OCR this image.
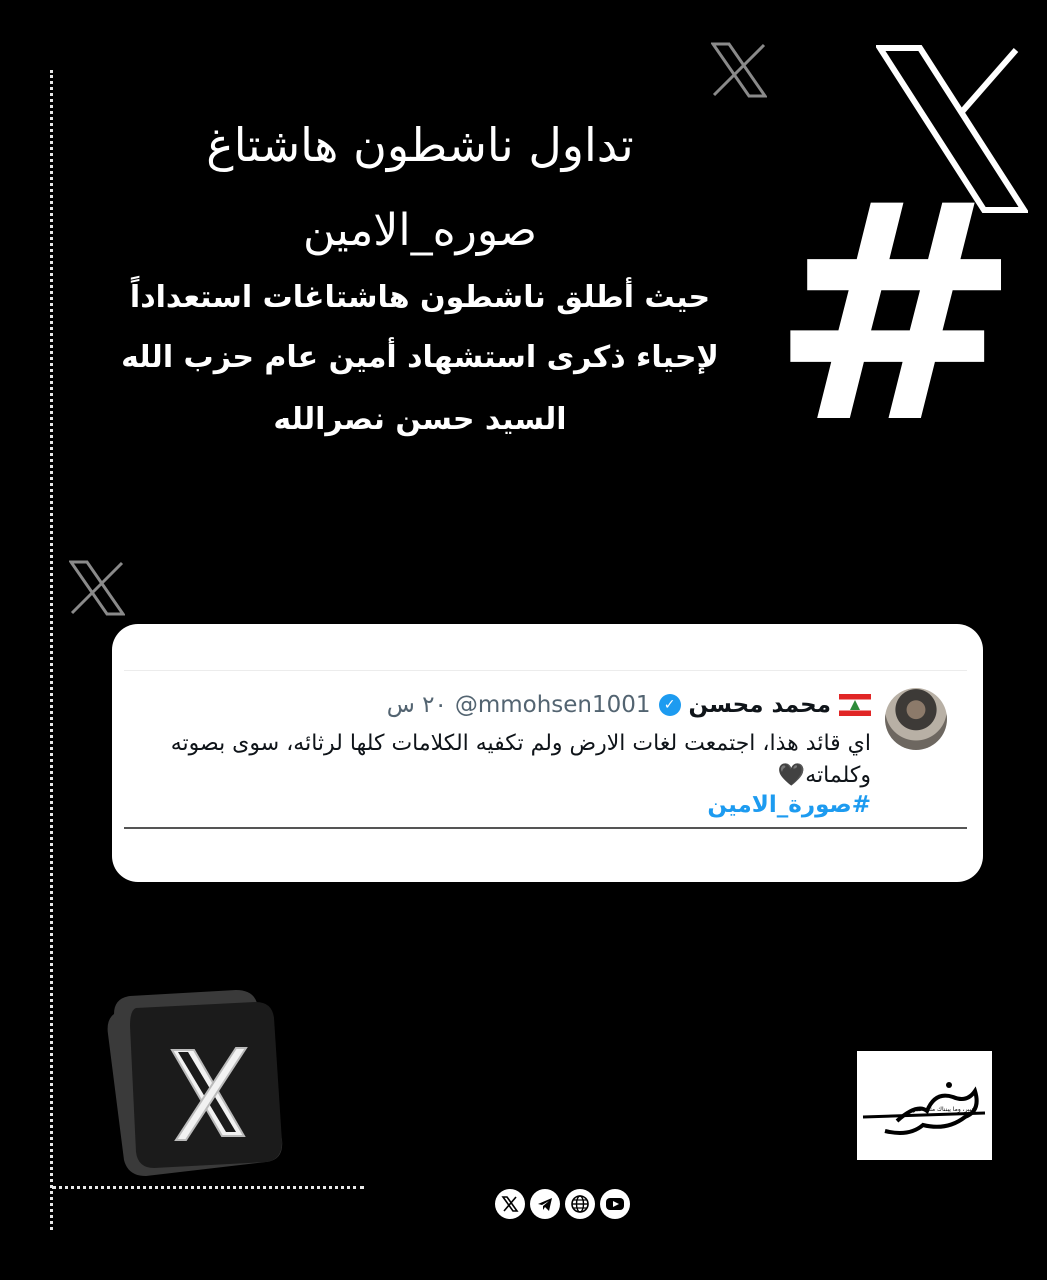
#
تداول ناشطون هاشتاغ
صوره_الامين
حيث أطلق ناشطون هاشتاغات استعداداً
لإحياء ذكرى استشهاد أمين عام حزب الله
السيد حسن نصرالله
محمد محسن
✓
@mmohsen1001
٢٠ س
اي قائد هذا، اجتمعت لغات الارض ولم تكفيه الكلامات كلها لرثائه، سوى بصوته وكلماته🖤
#صورة_الامين
خبير، وما يبنناك مثل خبير
